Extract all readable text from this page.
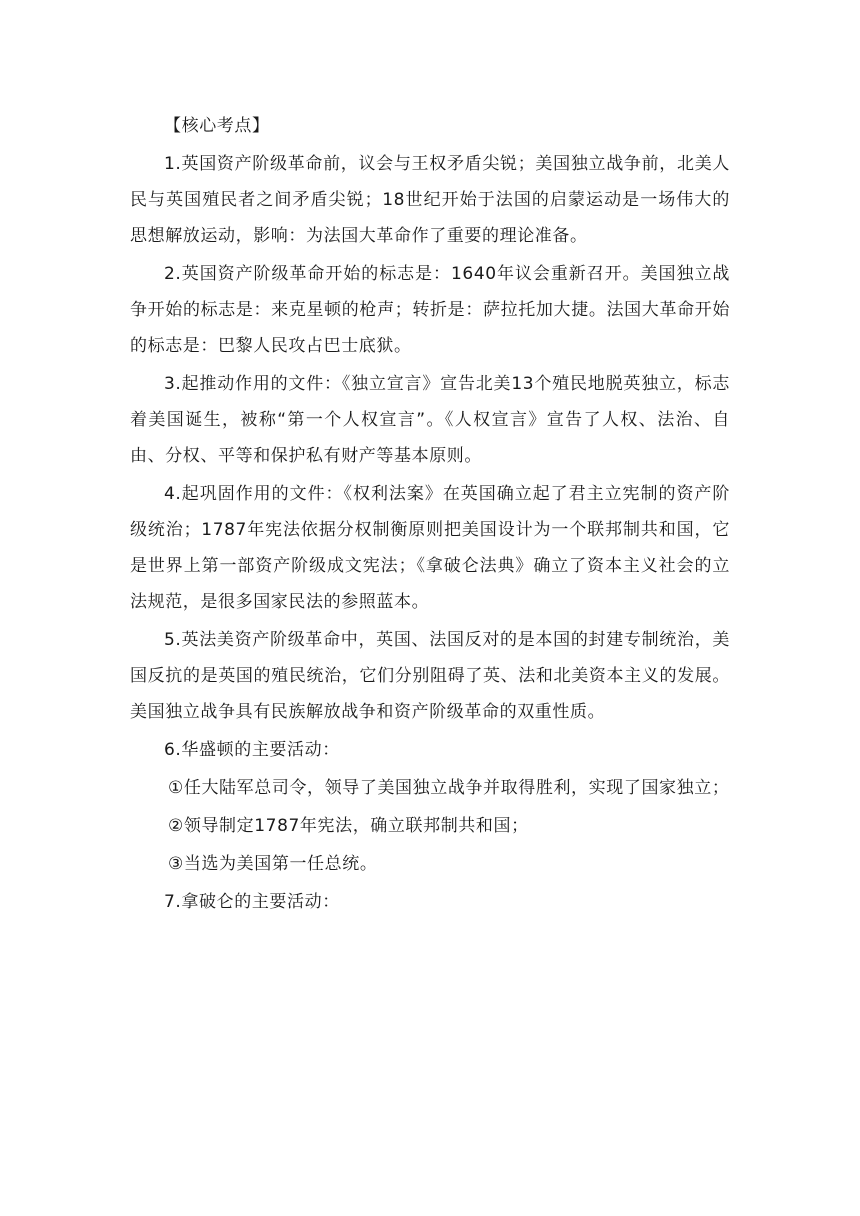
【核心考点】

1.英国资产阶级革命前，议会与王权矛盾尖锐；美国独立战争前，北美人民与英国殖民者之间矛盾尖锐；18世纪开始于法国的启蒙运动是一场伟大的思想解放运动，影响：为法国大革命作了重要的理论准备。

2.英国资产阶级革命开始的标志是：1640年议会重新召开。美国独立战争开始的标志是：来克星顿的枪声；转折是：萨拉托加大捷。法国大革命开始的标志是：巴黎人民攻占巴士底狱。

3.起推动作用的文件：《独立宣言》宣告北美13个殖民地脱英独立，标志着美国诞生，被称“第一个人权宣言”。《人权宣言》宣告了人权、法治、自由、分权、平等和保护私有财产等基本原则。

4.起巩固作用的文件：《权利法案》在英国确立起了君主立宪制的资产阶级统治；1787年宪法依据分权制衡原则把美国设计为一个联邦制共和国，它是世界上第一部资产阶级成文宪法；《拿破仑法典》确立了资本主义社会的立法规范，是很多国家民法的参照蓝本。

5.英法美资产阶级革命中，英国、法国反对的是本国的封建专制统治，美国反抗的是英国的殖民统治，它们分别阻碍了英、法和北美资本主义的发展。美国独立战争具有民族解放战争和资产阶级革命的双重性质。

6.华盛顿的主要活动：

①任大陆军总司令，领导了美国独立战争并取得胜利，实现了国家独立；

②领导制定1787年宪法，确立联邦制共和国；

③当选为美国第一任总统。

7.拿破仑的主要活动：
